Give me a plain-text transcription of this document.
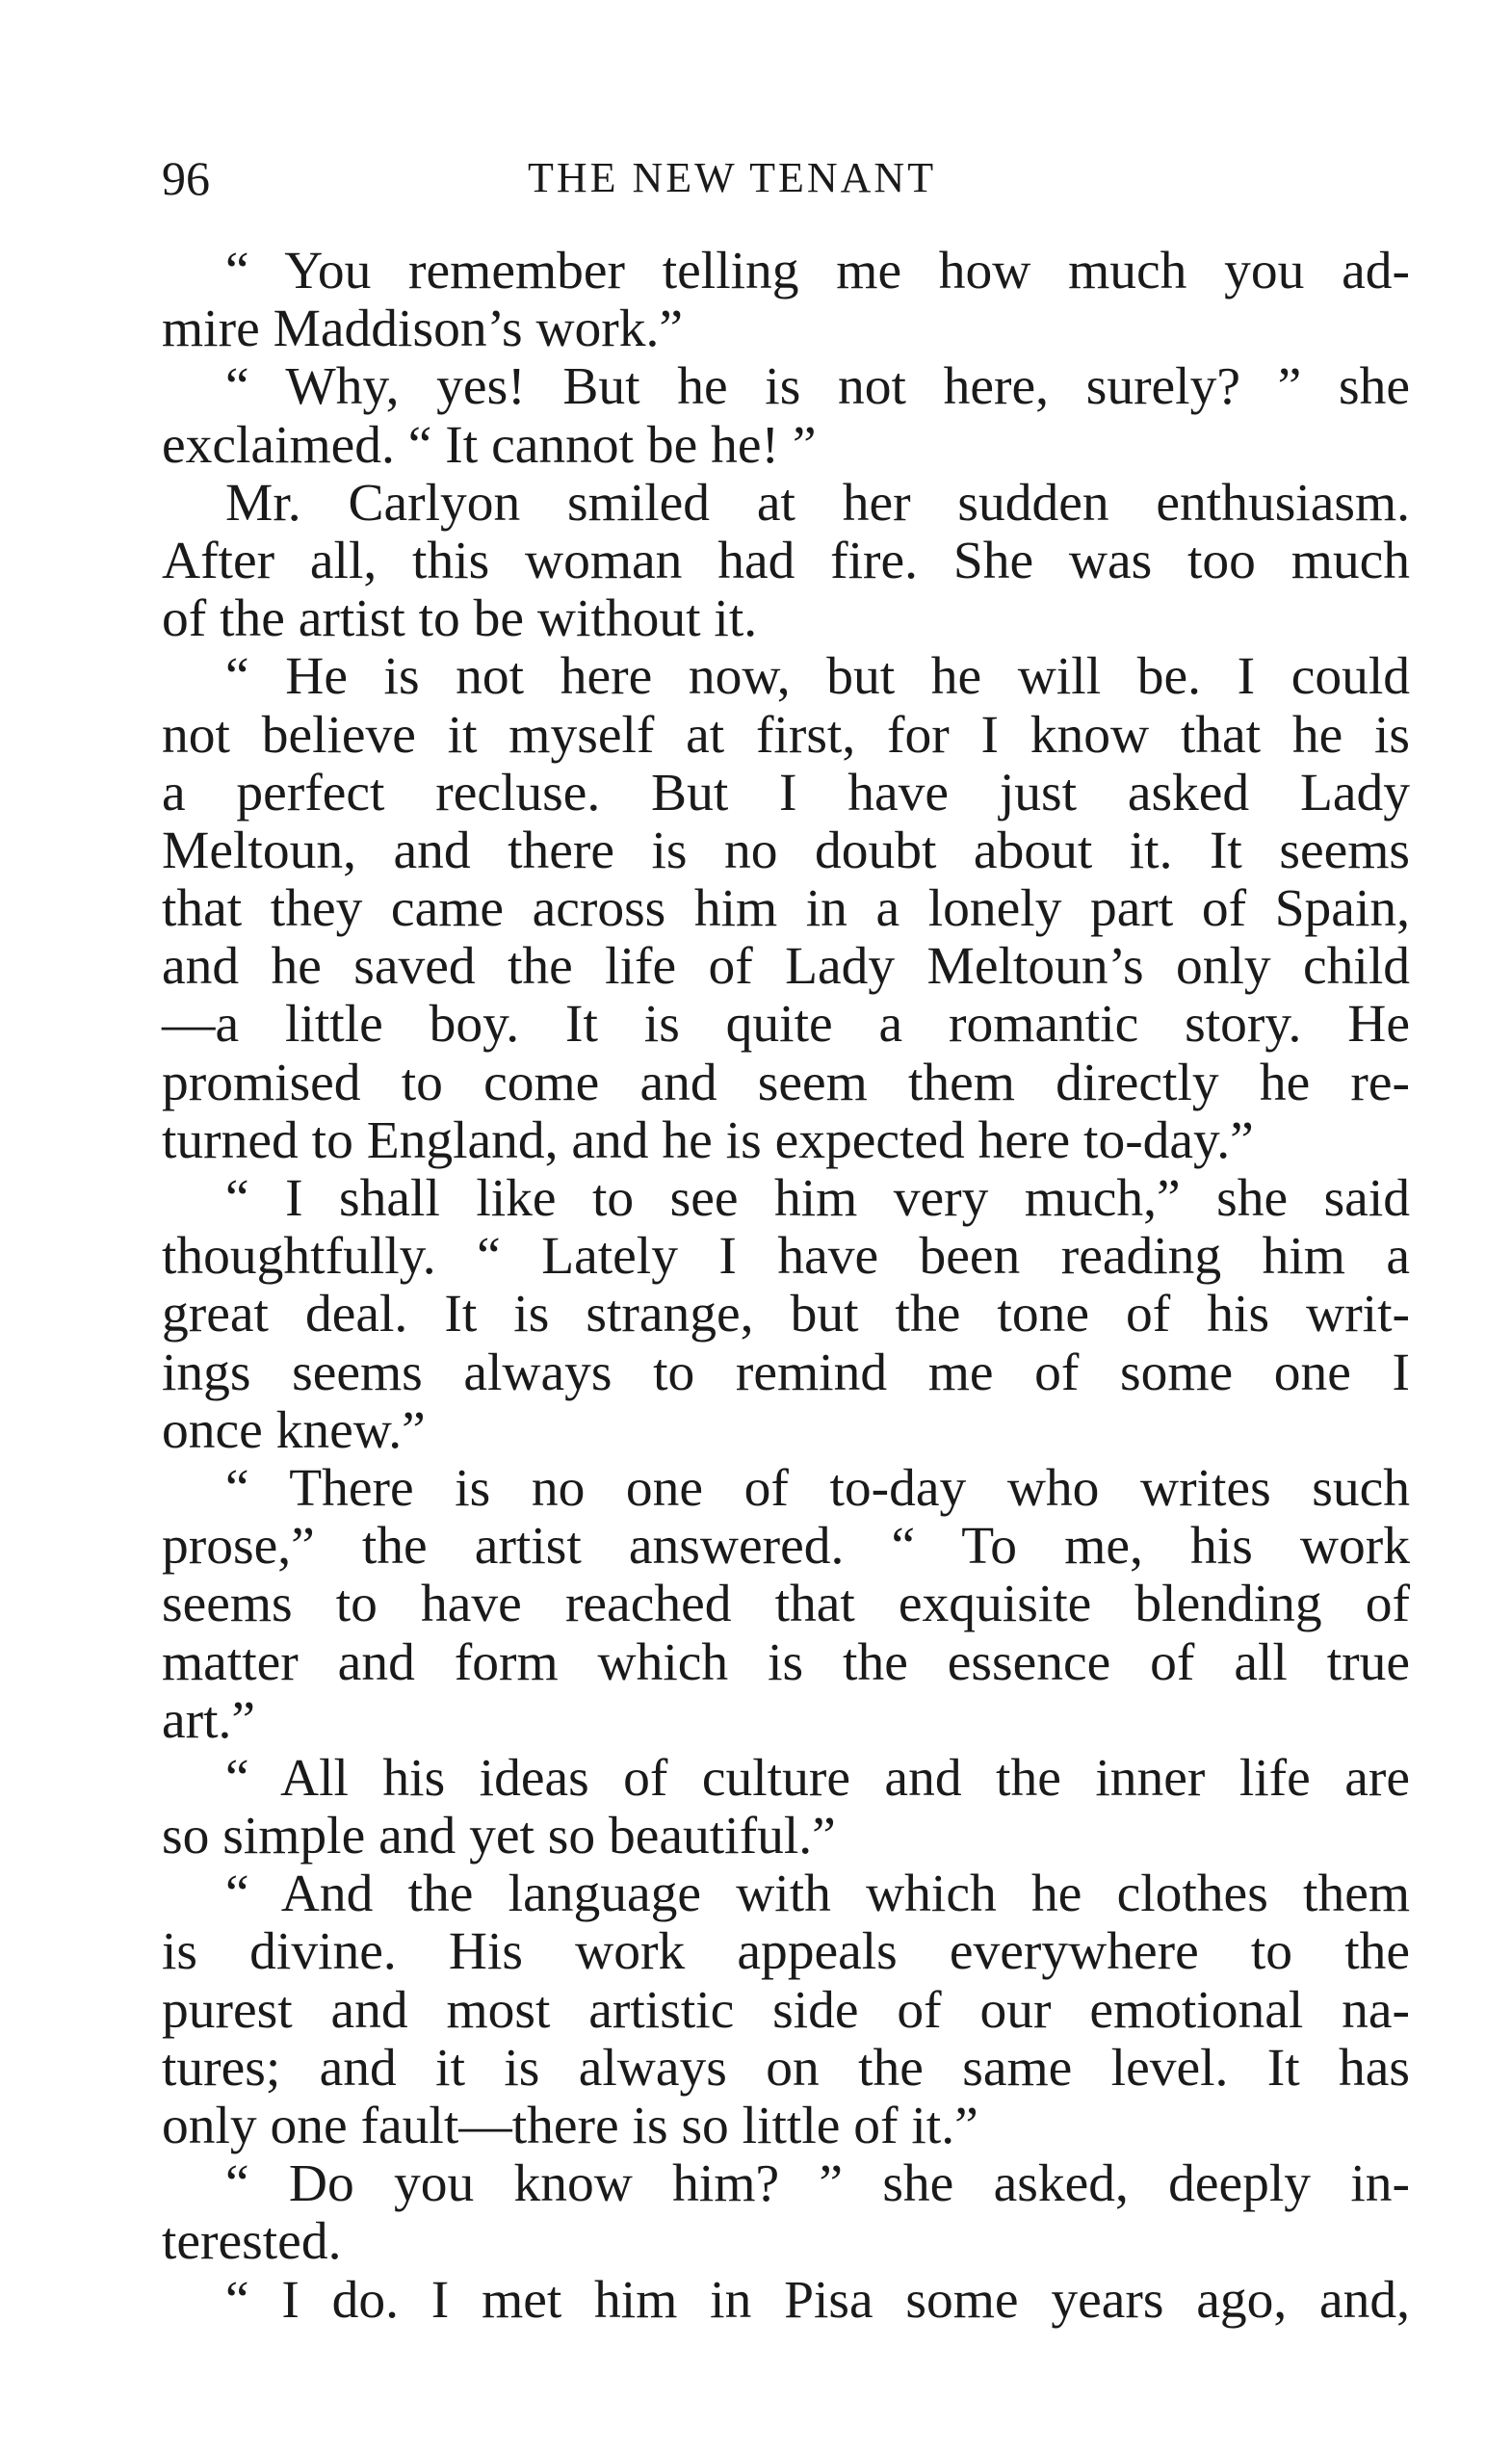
96	THE NEW TENANT
“ You remember telling me how much you ad-
mire Maddison’s work.”
“ Why, yes! But he is not here, surely? ” she
exclaimed. “ It cannot be he! ”
Mr. Carlyon smiled at her sudden enthusiasm.
After all, this woman had fire. She was too much
of the artist to be without it.
“ He is not here now, but he will be. I could
not believe it myself at first, for I know that he is
a perfect recluse. But I have just asked Lady
Meltoun, and there is no doubt about it. It seems
that they came across him in a lonely part of Spain,
and he saved the life of Lady Meltoun’s only child
—a little boy. It is quite a romantic story. He
promised to come and seem them directly he re-
turned to England, and he is expected here to-day.”
“ I shall like to see him very much,” she said
thoughtfully. “ Lately I have been reading him a
great deal. It is strange, but the tone of his writ-
ings seems always to remind me of some one I
once knew.”
“ There is no one of to-day who writes such
prose,” the artist answered. “ To me, his work
seems to have reached that exquisite blending of
matter and form which is the essence of all true
art.”
“ All his ideas of culture and the inner life are
so simple and yet so beautiful.”
“ And the language with which he clothes them
is divine. His work appeals everywhere to the
purest and most artistic side of our emotional na-
tures; and it is always on the same level. It has
only one fault—there is so little of it.”
“ Do you know him? ” she asked, deeply in-
terested.
“ I do. I met him in Pisa some years ago, and,
